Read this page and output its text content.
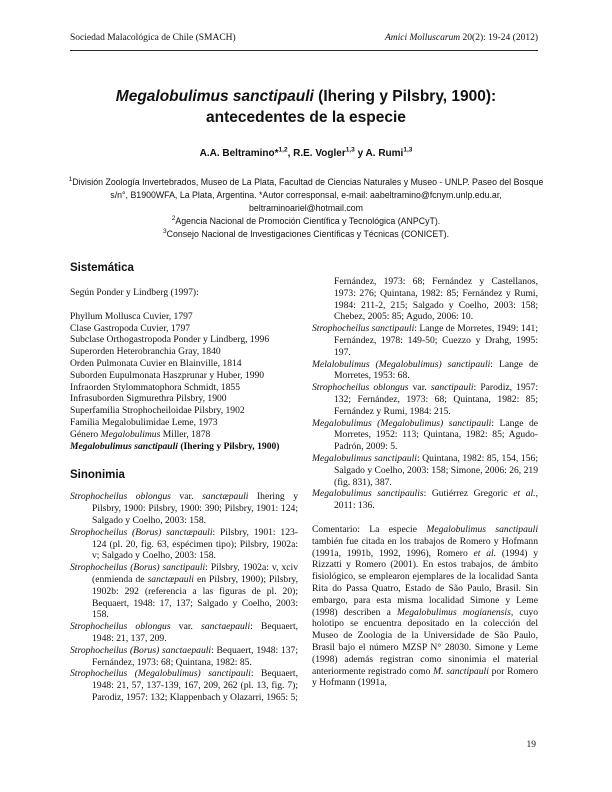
Sociedad Malacológica de Chile (SMACH)	Amici Molluscarum 20(2): 19-24 (2012)
Megalobulimus sanctipauli (Ihering y Pilsbry, 1900):
antecedentes de la especie
A.A. Beltramino*$^{1,2}$, R.E. Vogler$^{1,3}$ y A. Rumi$^{1,3}$
$^1$División Zoología Invertebrados, Museo de La Plata, Facultad de Ciencias Naturales y Museo - UNLP. Paseo del Bosque s/n°, B1900WFA, La Plata, Argentina. *Autor corresponsal, e-mail: aabeltramino@fcnym.unlp.edu.ar, beltraminoariel@hotmail.com
$^2$Agencia Nacional de Promoción Científica y Tecnológica (ANPCyT).
$^3$Consejo Nacional de Investigaciones Científicas y Técnicas (CONICET).
Sistemática

Según Ponder y Lindberg (1997):

Phyllum Mollusca Cuvier, 1797
Clase Gastropoda Cuvier, 1797
Subclase Orthogastropoda Ponder y Lindberg, 1996
Superorden Heterobranchia Gray, 1840
Orden Pulmonata Cuvier en Blainville, 1814
Suborden Eupulmonata Haszprunar y Huber, 1990
Infraorden Stylommatophora Schmidt, 1855
Infrasuborden Sigmurethra Pilsbry, 1900
Superfamilia Strophocheiloidae Pilsbry, 1902
Familia Megalobulimidae Leme, 1973
Género Megalobulimus Miller, 1878
Megalobulimus sanctipauli (Ihering y Pilsbry, 1900)
Sinonimia
Strophocheilus oblongus var. sanctæpauli Ihering y Pilsbry, 1900: Pilsbry, 1900: 390; Pilsbry, 1901: 124; Salgado y Coelho, 2003: 158.
Strophocheilus (Borus) sanctæpauli: Pilsbry, 1901: 123-124 (pl. 20, fig. 63, espécimen tipo); Pilsbry, 1902a: v; Salgado y Coelho, 2003: 158.
Strophocheilus (Borus) sanctipauli: Pilsbry, 1902a: v, xciv (enmienda de sanctæpauli en Pilsbry, 1900); Pilsbry, 1902b: 292 (referencia a las figuras de pl. 20); Bequaert, 1948: 17, 137; Salgado y Coelho, 2003: 158.
Strophocheilus oblongus var. sanctaepauli: Bequaert, 1948: 21, 137, 209.
Strophocheilus (Borus) sanctaepauli: Bequaert, 1948: 137; Fernández, 1973: 68; Quintana, 1982: 85.
Strophocheilus (Megalobulimus) sanctipauli: Bequaert, 1948: 21, 57, 137-139, 167, 209, 262 (pl. 13, fig. 7); Parodiz, 1957: 132; Klappenbach y Olazarri, 1965: 5;
Fernández, 1973: 68; Fernández y Castellanos, 1973: 276; Quintana, 1982: 85; Fernández y Rumi, 1984: 211-2, 215; Salgado y Coelho, 2003: 158; Chebez, 2005: 85; Agudo, 2006: 10.
Strophocheilus sanctipauli: Lange de Morretes, 1949: 141; Fernández, 1978: 149-50; Cuezzo y Drahg, 1995: 197.
Melalobulimus (Megalobulimus) sanctipauli: Lange de Morretes, 1953: 68.
Strophocheilus oblongus var. sanctipauli: Parodiz, 1957: 132; Fernández, 1973: 68; Quintana, 1982: 85; Fernández y Rumi, 1984: 215.
Megalobulimus (Megalobulimus) sanctipauli: Lange de Morretes, 1952: 113; Quintana, 1982: 85; Agudo-Padrón, 2009: 5.
Megalobulimus sanctipauli: Quintana, 1982: 85, 154, 156; Salgado y Coelho, 2003: 158; Simone, 2006: 26, 219 (fig. 831), 387.
Megalobulimus sanctipaulis: Gutiérrez Gregoric et al., 2011: 136.
Comentario: La especie Megalobulimus sanctipauli también fue citada en los trabajos de Romero y Hofmann (1991a, 1991b, 1992, 1996), Romero et al. (1994) y Rizzatti y Romero (2001). En estos trabajos, de ámbito fisiológico, se emplearon ejemplares de la localidad Santa Rita do Passa Quatro, Estado de São Paulo, Brasil. Sin embargo, para esta misma localidad Simone y Leme (1998) describen a Megalobulimus mogianensis, cuyo holotipo se encuentra depositado en la colección del Museo de Zoologia de la Universidade de São Paulo, Brasil bajo el número MZSP N° 28030. Simone y Leme (1998) además registran como sinonimia el material anteriormente registrado como M. sanctipauli por Romero y Hofmann (1991a,
19
